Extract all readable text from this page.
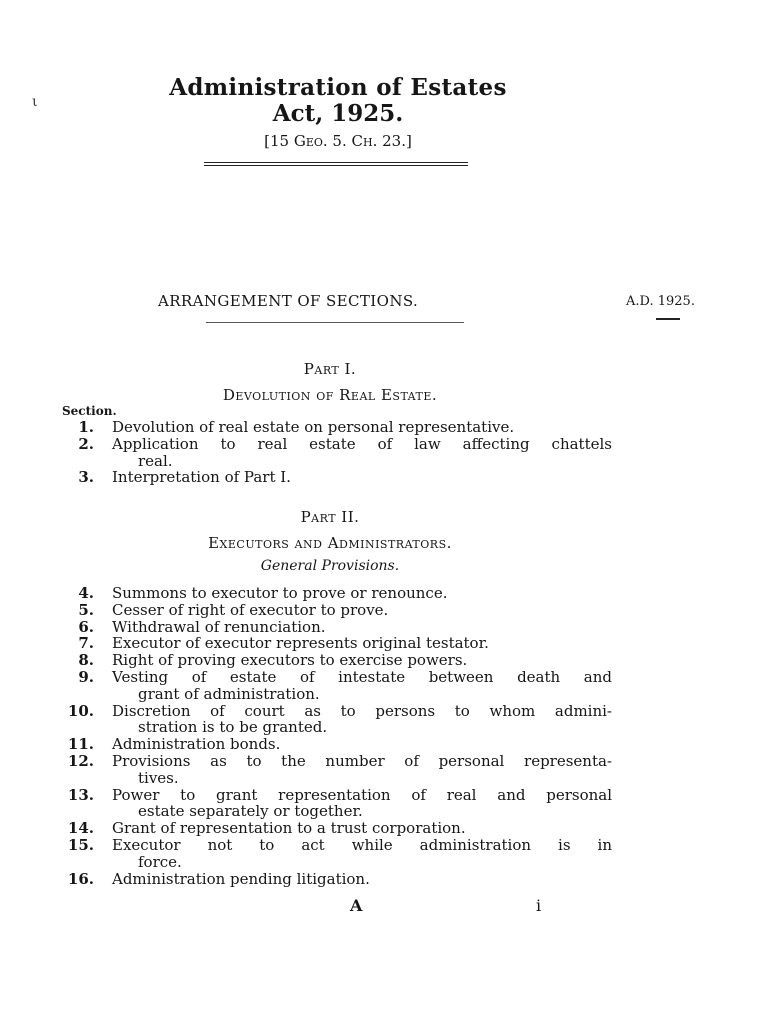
ι
Administration of Estates
Act, 1925.
[15 Geo. 5. Ch. 23.]
ARRANGEMENT OF SECTIONS.	A.D. 1925.
Part I.
Devolution of Real Estate.
Section.
1. Devolution of real estate on personal representative.
2. Application to real estate of law affecting chattels
real.
3. Interpretation of Part I.
Part II.
Executors and Administrators.
General Provisions.
4. Summons to executor to prove or renounce.
5. Cesser of right of executor to prove.
6. Withdrawal of renunciation.
7. Executor of executor represents original testator.
8. Right of proving executors to exercise powers.
9. Vesting of estate of intestate between death and
grant of administration.
10. Discretion of court as to persons to whom admini-
stration is to be granted.
11. Administration bonds.
12. Provisions as to the number of personal representa-
tives.
13. Power to grant representation of real and personal
estate separately or together.
14. Grant of representation to a trust corporation.
15. Executor not to act while administration is in
force.
16. Administration pending litigation.
A	i
